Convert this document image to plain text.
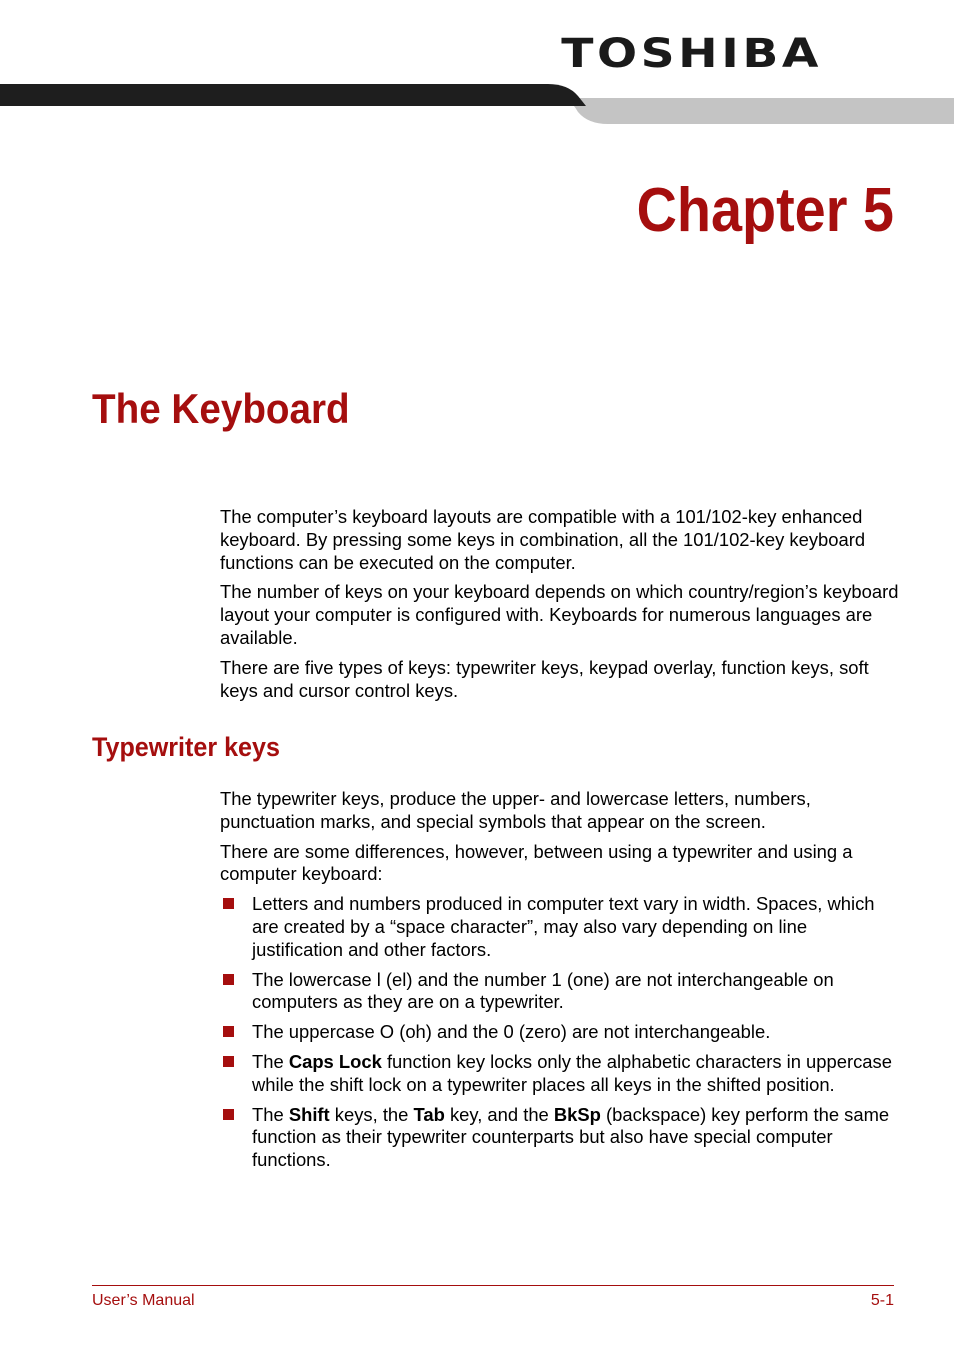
TOSHIBA
Chapter 5
The Keyboard

The computer’s keyboard layouts are compatible with a 101/102-key enhanced keyboard. By pressing some keys in combination, all the 101/102-key keyboard functions can be executed on the computer.

The number of keys on your keyboard depends on which country/region’s keyboard layout your computer is configured with. Keyboards for numerous languages are available.

There are five types of keys: typewriter keys, keypad overlay, function keys, soft keys and cursor control keys.

Typewriter keys

The typewriter keys, produce the upper- and lowercase letters, numbers, punctuation marks, and special symbols that appear on the screen.

There are some differences, however, between using a typewriter and using a computer keyboard:

Letters and numbers produced in computer text vary in width. Spaces, which are created by a “space character”, may also vary depending on line justification and other factors.
The lowercase l (el) and the number 1 (one) are not interchangeable on computers as they are on a typewriter.
The uppercase O (oh) and the 0 (zero) are not interchangeable.
The Caps Lock function key locks only the alphabetic characters in uppercase while the shift lock on a typewriter places all keys in the shifted position.
The Shift keys, the Tab key, and the BkSp (backspace) key perform the same function as their typewriter counterparts but also have special computer functions.
User’s Manual	5-1
